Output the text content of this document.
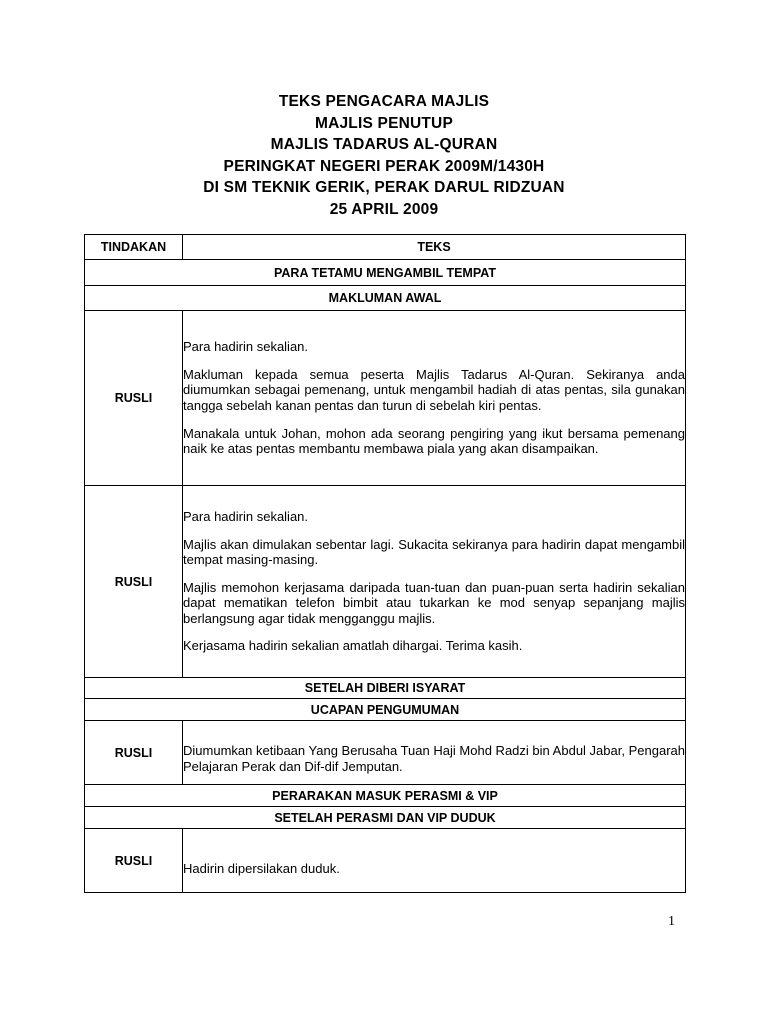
TEKS PENGACARA MAJLIS
MAJLIS PENUTUP
MAJLIS TADARUS AL-QURAN
PERINGKAT NEGERI PERAK 2009M/1430H
DI SM TEKNIK GERIK, PERAK DARUL RIDZUAN
25 APRIL 2009
TINDAKAN	TEKS
PARA TETAMU MENGAMBIL TEMPAT	
MAKLUMAN AWAL	
RUSLI	Para hadirin sekalian.

Makluman kepada semua peserta Majlis Tadarus Al-Quran. Sekiranya anda diumumkan sebagai pemenang, untuk mengambil hadiah di atas pentas, sila gunakan tangga sebelah kanan pentas dan turun di sebelah kiri pentas.

Manakala untuk Johan, mohon ada seorang pengiring yang ikut bersama pemenang naik ke atas pentas membantu membawa piala yang akan disampaikan.

RUSLI	Para hadirin sekalian.

Majlis akan dimulakan sebentar lagi. Sukacita sekiranya para hadirin dapat mengambil tempat masing-masing.

Majlis memohon kerjasama daripada tuan-tuan dan puan-puan serta hadirin sekalian dapat mematikan telefon bimbit atau tukarkan ke mod senyap sepanjang majlis berlangsung agar tidak mengganggu majlis.

Kerjasama hadirin sekalian amatlah dihargai. Terima kasih.

SETELAH DIBERI ISYARAT	
UCAPAN PENGUMUMAN	
RUSLI	Diumumkan ketibaan Yang Berusaha Tuan Haji Mohd Radzi bin Abdul Jabar, Pengarah Pelajaran Perak dan Dif-dif Jemputan.

PERARAKAN MASUK PERASMI & VIP	
SETELAH PERASMI DAN VIP DUDUK	
RUSLI	Hadirin dipersilakan duduk.

1
